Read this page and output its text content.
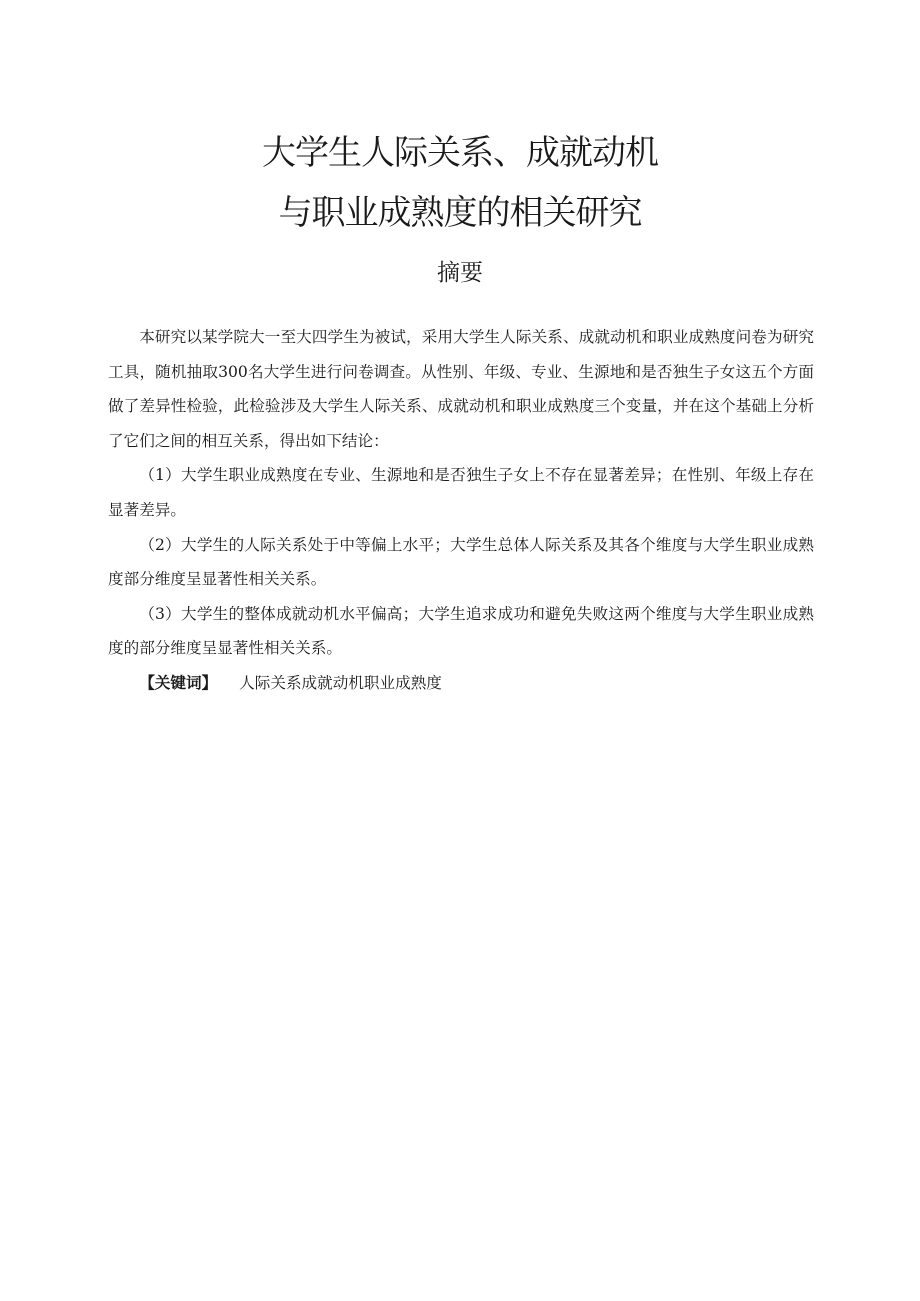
大学生人际关系、成就动机
与职业成熟度的相关研究
摘要

本研究以某学院大一至大四学生为被试，采用大学生人际关系、成就动机和职业成熟度问卷为研究工具，随机抽取300名大学生进行问卷调查。从性别、年级、专业、生源地和是否独生子女这五个方面做了差异性检验，此检验涉及大学生人际关系、成就动机和职业成熟度三个变量，并在这个基础上分析了它们之间的相互关系，得出如下结论：

（1）大学生职业成熟度在专业、生源地和是否独生子女上不存在显著差异；在性别、年级上存在显著差异。

（2）大学生的人际关系处于中等偏上水平；大学生总体人际关系及其各个维度与大学生职业成熟度部分维度呈显著性相关关系。

（3）大学生的整体成就动机水平偏高；大学生追求成功和避免失败这两个维度与大学生职业成熟度的部分维度呈显著性相关关系。

【关键词】 人际关系成就动机职业成熟度
